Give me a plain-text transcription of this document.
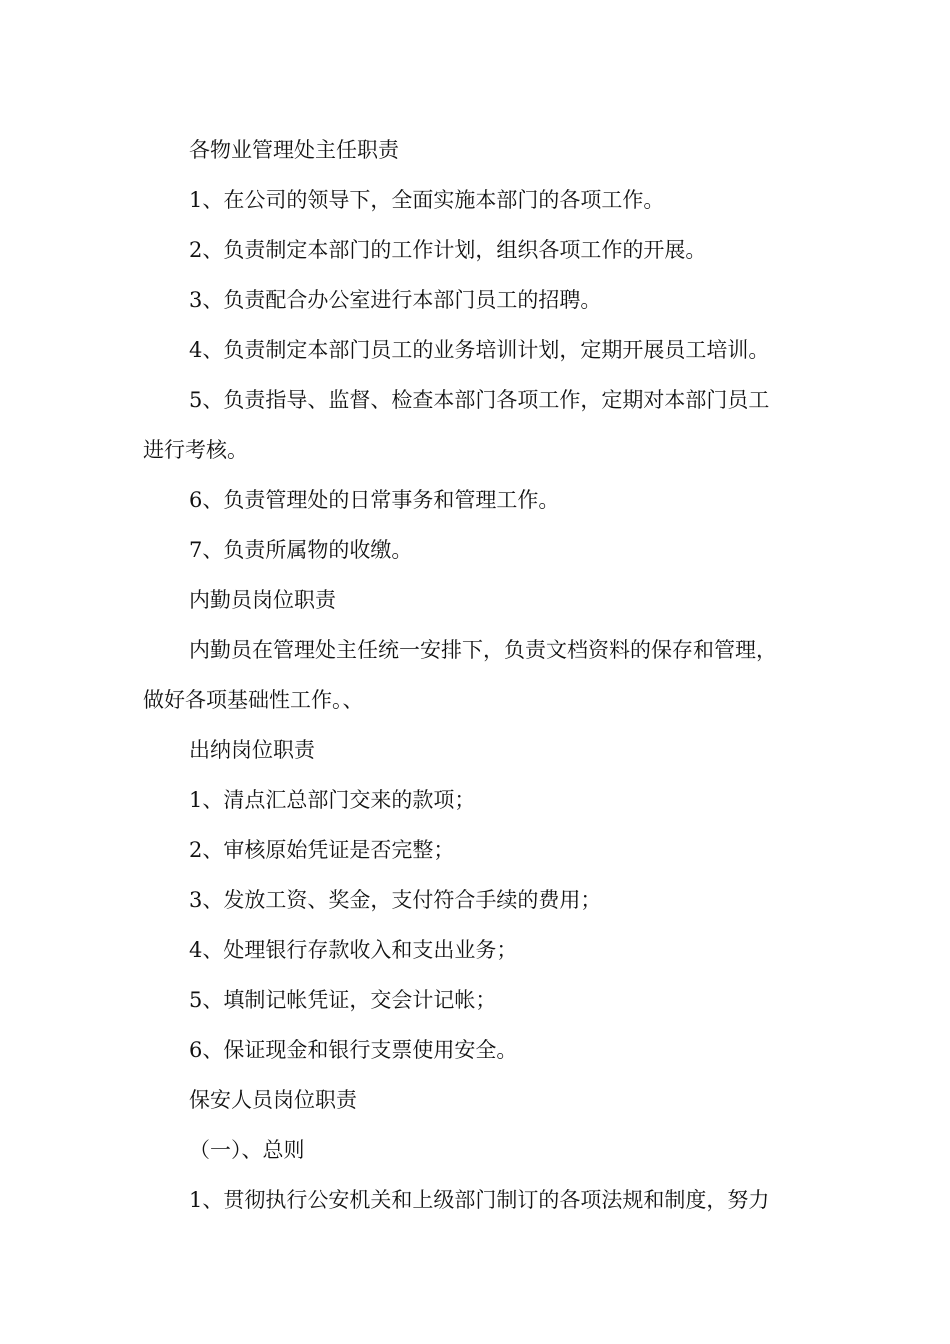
各物业管理处主任职责
1、在公司的领导下，全面实施本部门的各项工作。
2、负责制定本部门的工作计划，组织各项工作的开展。
3、负责配合办公室进行本部门员工的招聘。
4、负责制定本部门员工的业务培训计划，定期开展员工培训。
5、负责指导、监督、检查本部门各项工作，定期对本部门员工
进行考核。
6、负责管理处的日常事务和管理工作。
7、负责所属物的收缴。
内勤员岗位职责
内勤员在管理处主任统一安排下，负责文档资料的保存和管理，
做好各项基础性工作。、
出纳岗位职责
1、清点汇总部门交来的款项；
2、审核原始凭证是否完整；
3、发放工资、奖金，支付符合手续的费用；
4、处理银行存款收入和支出业务；
5、填制记帐凭证，交会计记帐；
6、保证现金和银行支票使用安全。
保安人员岗位职责
（一）、总则
1、贯彻执行公安机关和上级部门制订的各项法规和制度，努力
